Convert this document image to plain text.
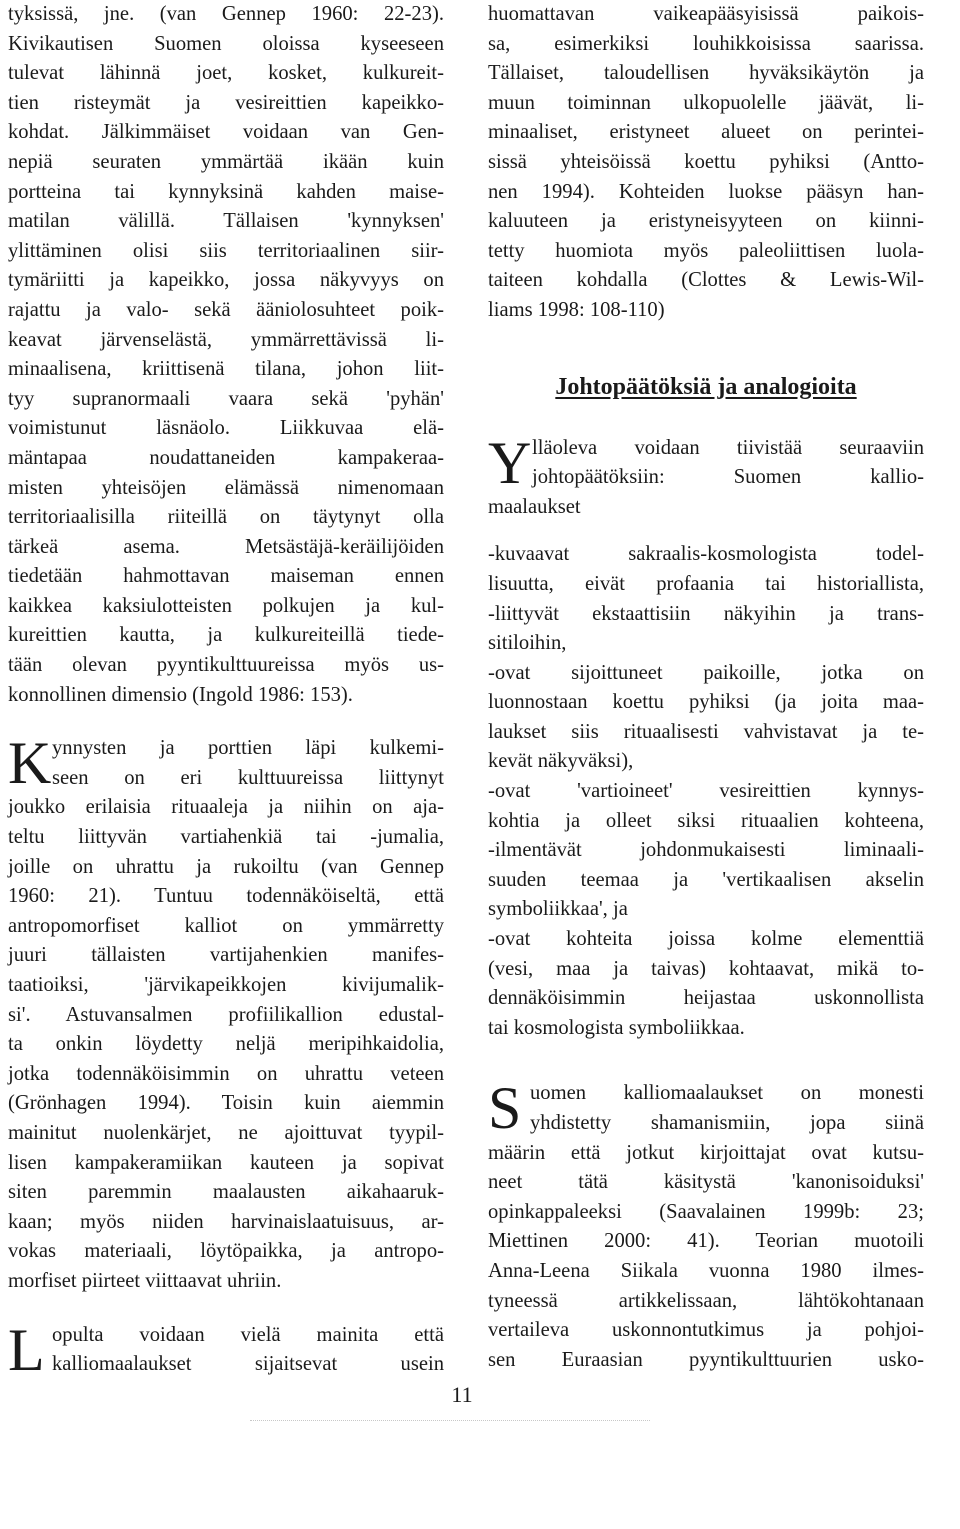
tyksissä, jne. (van Gennep 1960: 22-23).
Kivikautisen Suomen oloissa kyseeseen
tulevat lähinnä joet, kosket, kulkureit-
tien risteymät ja vesireittien kapeikko-
kohdat. Jälkimmäiset voidaan van Gen-
nepiä seuraten ymmärtää ikään kuin
portteina tai kynnyksinä kahden maise-
matilan välillä. Tällaisen 'kynnyksen'
ylittäminen olisi siis territoriaalinen siir-
tymäriitti ja kapeikko, jossa näkyvyys on
rajattu ja valo- sekä ääniolosuhteet poik-
keavat järvenselästä, ymmärrettävissä li-
minaalisena, kriittisenä tilana, johon liit-
tyy supranormaali vaara sekä 'pyhän'
voimistunut läsnäolo. Liikkuvaa elä-
mäntapaa noudattaneiden kampakeraa-
misten yhteisöjen elämässä nimenomaan
territoriaalisilla riiteillä on täytynyt olla
tärkeä asema. Metsästäjä-keräilijöiden
tiedetään hahmottavan maiseman ennen
kaikkea kaksiulotteisten polkujen ja kul-
kureittien kautta, ja kulkureiteillä tiede-
tään olevan pyyntikulttuureissa myös us-
konnollinen dimensio (Ingold 1986: 153).
K ynnysten ja porttien läpi kulkemi-
seen on eri kulttuureissa liittynyt
joukko erilaisia rituaaleja ja niihin on aja-
teltu liittyvän vartiahenkiä tai -jumalia,
joille on uhrattu ja rukoiltu (van Gennep
1960: 21). Tuntuu todennäköiseltä, että
antropomorfiset kalliot on ymmärretty
juuri tällaisten vartijahenkien manifes-
taatioiksi, 'järvikapeikkojen kivijumalik-
si'. Astuvansalmen profiilikallion edustal-
ta onkin löydetty neljä meripihkaidolia,
jotka todennäköisimmin on uhrattu veteen
(Grönhagen 1994). Toisin kuin aiemmin
mainitut nuolenkärjet, ne ajoittuvat tyypil-
lisen kampakeramiikan kauteen ja sopivat
siten paremmin maalausten aikahaaruk-
kaan; myös niiden harvinaislaatuisuus, ar-
vokas materiaali, löytöpaikka, ja antropo-
morfiset piirteet viittaavat uhriin.
L opulta voidaan vielä mainita että
kalliomaalaukset sijaitsevat usein
huomattavan vaikeapääsyisissä paikois-
sa, esimerkiksi louhikkoisissa saarissa.
Tällaiset, taloudellisen hyväksikäytön ja
muun toiminnan ulkopuolelle jäävät, li-
minaaliset, eristyneet alueet on perintei-
sissä yhteisöissä koettu pyhiksi (Antto-
nen 1994). Kohteiden luokse pääsyn han-
kaluuteen ja eristyneisyyteen on kiinni-
tetty huomiota myös paleoliittisen luola-
taiteen kohdalla (Clottes & Lewis-Wil-
liams 1998: 108-110)
Johtopäätöksiä ja analogioita
Y lläoleva voidaan tiivistää seuraaviin
johtopäätöksiin: Suomen kallio-
maalaukset
-kuvaavat sakraalis-kosmologista todel-
lisuutta, eivät profaania tai historiallista,
-liittyvät ekstaattisiin näkyihin ja trans-
sitiloihin,
-ovat sijoittuneet paikoille, jotka on
luonnostaan koettu pyhiksi (ja joita maa-
laukset siis rituaalisesti vahvistavat ja te-
kevät näkyväksi),
-ovat 'vartioineet' vesireittien kynnys-
kohtia ja olleet siksi rituaalien kohteena,
-ilmentävät johdonmukaisesti liminaali-
suuden teemaa ja 'vertikaalisen akselin
symboliikkaa', ja
-ovat kohteita joissa kolme elementtiä
(vesi, maa ja taivas) kohtaavat, mikä to-
dennäköisimmin heijastaa uskonnollista
tai kosmologista symboliikkaa.
S uomen kalliomaalaukset on monesti
yhdistetty shamanismiin, jopa siinä
määrin että jotkut kirjoittajat ovat kutsu-
neet tätä käsitystä 'kanonisoiduksi'
opinkappaleeksi (Saavalainen 1999b: 23;
Miettinen 2000: 41). Teorian muotoili
Anna-Leena Siikala vuonna 1980 ilmes-
tyneessä artikkelissaan, lähtökohtanaan
vertaileva uskonnontutkimus ja pohjoi-
sen Euraasian pyyntikulttuurien usko-
11
